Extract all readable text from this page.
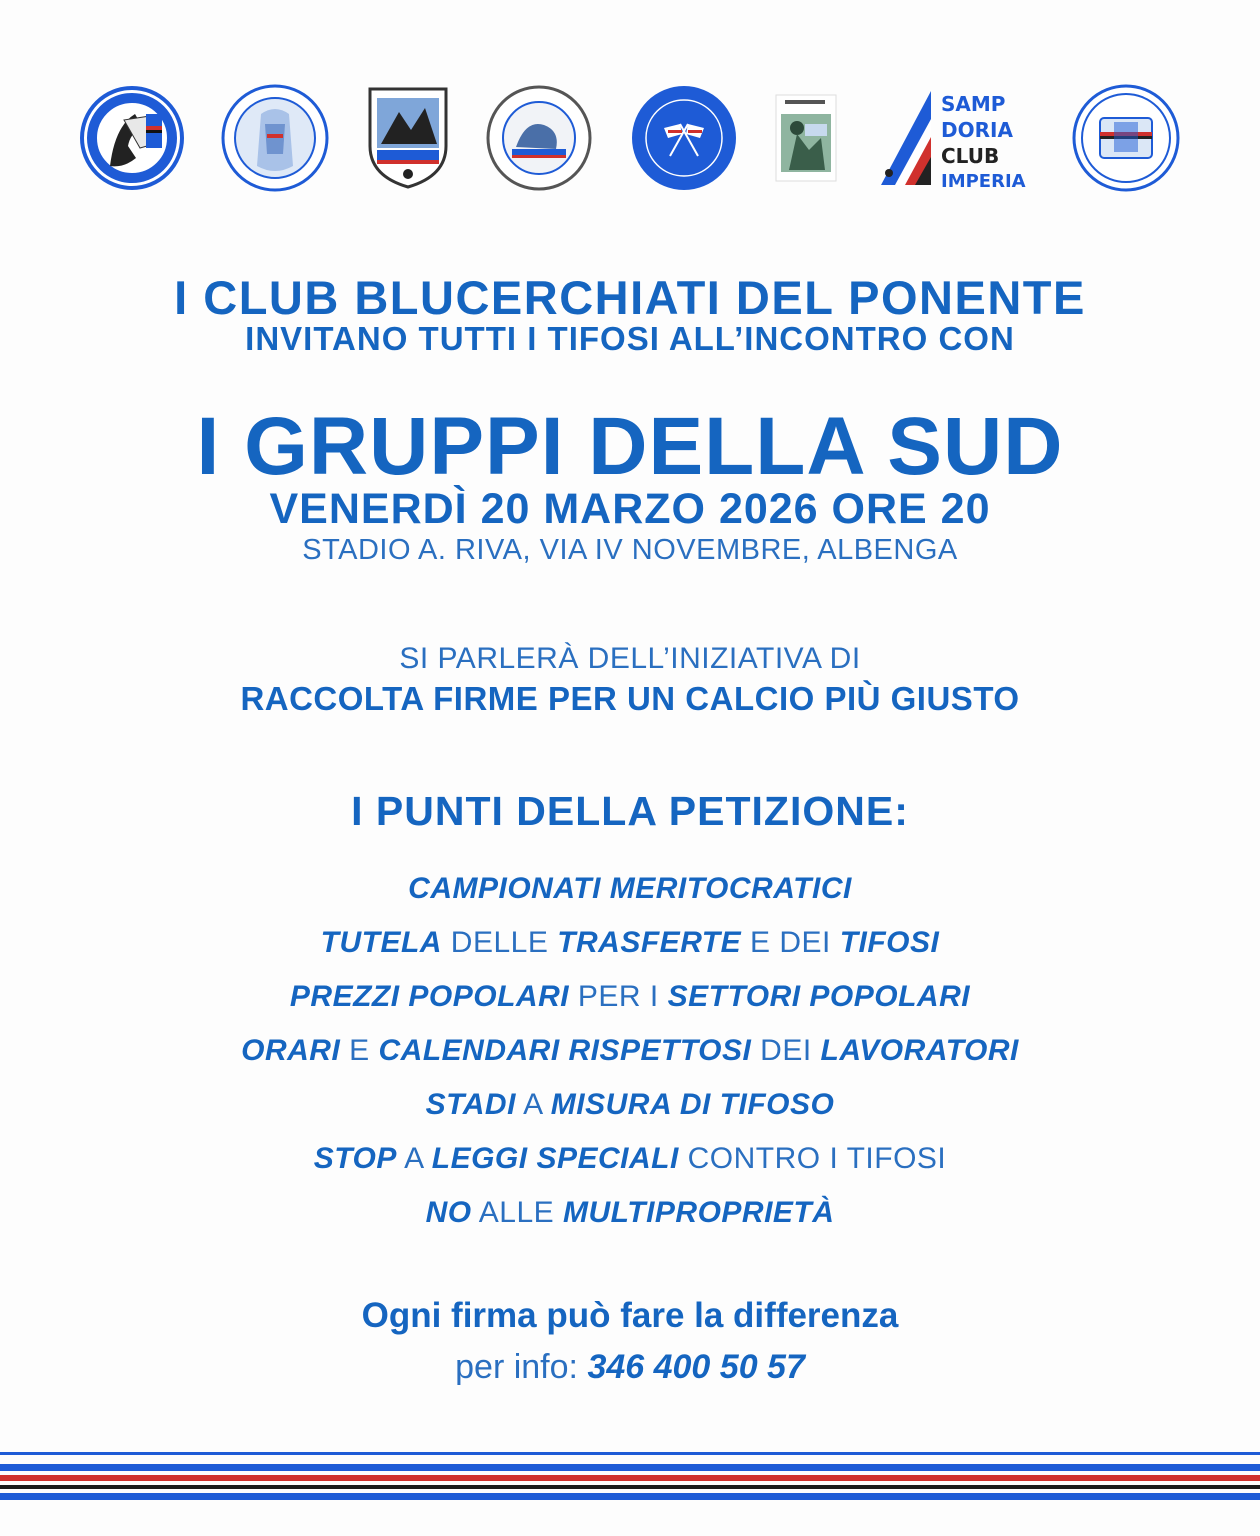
SAMP
DORIA
CLUB
IMPERIA
I CLUB BLUCERCHIATI DEL PONENTE
INVITANO TUTTI I TIFOSI ALL’INCONTRO CON
I GRUPPI DELLA SUD
VENERDÌ 20 MARZO 2026 ORE 20
STADIO A. RIVA, VIA IV NOVEMBRE, ALBENGA
SI PARLERÀ DELL’INIZIATIVA DI
RACCOLTA FIRME PER UN CALCIO PIÙ GIUSTO
I PUNTI DELLA PETIZIONE:
CAMPIONATI MERITOCRATICI
TUTELA DELLE TRASFERTE E DEI TIFOSI
PREZZI POPOLARI PER I SETTORI POPOLARI
ORARI E CALENDARI RISPETTOSI DEI LAVORATORI
STADI A MISURA DI TIFOSO
STOP A LEGGI SPECIALI CONTRO I TIFOSI
NO ALLE MULTIPROPRIETÀ
Ogni firma può fare la differenza
per info: 346 400 50 57
